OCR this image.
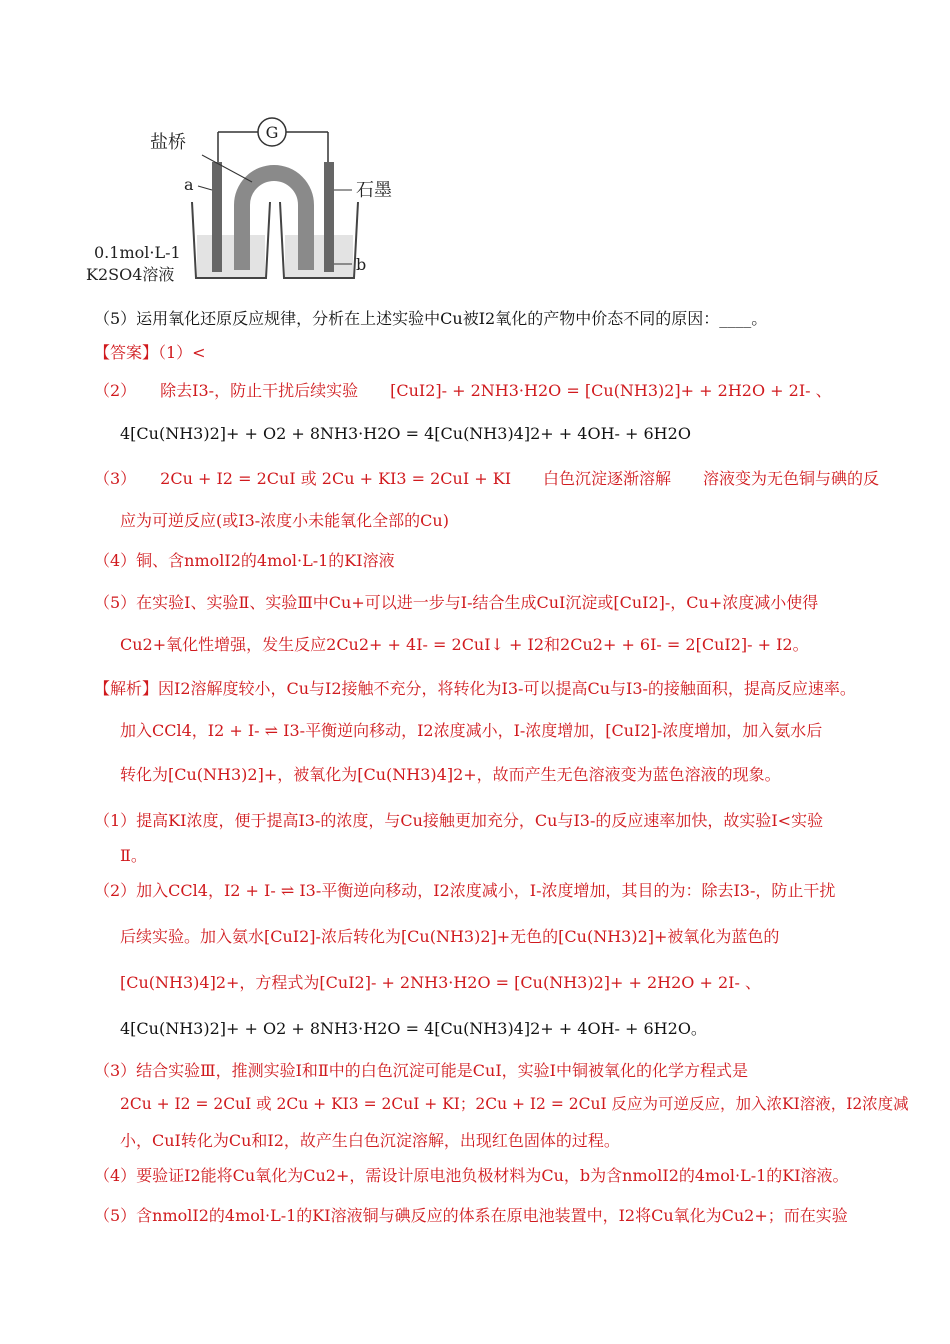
G
盐桥
a	石墨
b
0.1mol·L-1
K2SO4溶液
（5）运用氧化还原反应规律，分析在上述实验中Cu被I2氧化的产物中价态不同的原因：____。
【答案】（1）<
（2）　　除去I3-，防止干扰后续实验　　[CuI2]- + 2NH3·H2O = [Cu(NH3)2]+ + 2H2O + 2I- 、
4[Cu(NH3)2]+ + O2 + 8NH3·H2O = 4[Cu(NH3)4]2+ + 4OH- + 6H2O
（3）　　2Cu + I2 = 2CuI 或 2Cu + KI3 = 2CuI + KI　　白色沉淀逐渐溶解　　溶液变为无色铜与碘的反
应为可逆反应(或I3-浓度小未能氧化全部的Cu)
（4）铜、含nmolI2的4mol·L-1的KI溶液
（5）在实验Ⅰ、实验Ⅱ、实验Ⅲ中Cu+可以进一步与I-结合生成CuI沉淀或[CuI2]-，Cu+浓度减小使得
Cu2+氧化性增强，发生反应2Cu2+ + 4I- = 2CuI↓ + I2和2Cu2+ + 6I- = 2[CuI2]- + I2。
【解析】因I2溶解度较小，Cu与I2接触不充分，将转化为I3-可以提高Cu与I3-的接触面积，提高反应速率。
加入CCl4，I2 + I- ⇌ I3-平衡逆向移动，I2浓度减小，I-浓度增加，[CuI2]-浓度增加，加入氨水后
转化为[Cu(NH3)2]+，被氧化为[Cu(NH3)4]2+，故而产生无色溶液变为蓝色溶液的现象。
（1）提高KI浓度，便于提高I3-的浓度，与Cu接触更加充分，Cu与I3-的反应速率加快，故实验Ⅰ<实验
Ⅱ。
（2）加入CCl4，I2 + I- ⇌ I3-平衡逆向移动，I2浓度减小，I-浓度增加，其目的为：除去I3-，防止干扰
后续实验。加入氨水[CuI2]-浓后转化为[Cu(NH3)2]+无色的[Cu(NH3)2]+被氧化为蓝色的
[Cu(NH3)4]2+，方程式为[CuI2]- + 2NH3·H2O = [Cu(NH3)2]+ + 2H2O + 2I- 、
4[Cu(NH3)2]+ + O2 + 8NH3·H2O = 4[Cu(NH3)4]2+ + 4OH- + 6H2O。
（3）结合实验Ⅲ，推测实验Ⅰ和Ⅱ中的白色沉淀可能是CuI，实验Ⅰ中铜被氧化的化学方程式是
2Cu + I2 = 2CuI 或 2Cu + KI3 = 2CuI + KI；2Cu + I2 = 2CuI 反应为可逆反应，加入浓KI溶液，I2浓度减
小，CuI转化为Cu和I2，故产生白色沉淀溶解，出现红色固体的过程。
（4）要验证I2能将Cu氧化为Cu2+，需设计原电池负极材料为Cu，b为含nmolI2的4mol·L-1的KI溶液。
（5）含nmolI2的4mol·L-1的KI溶液铜与碘反应的体系在原电池装置中，I2将Cu氧化为Cu2+；而在实验
